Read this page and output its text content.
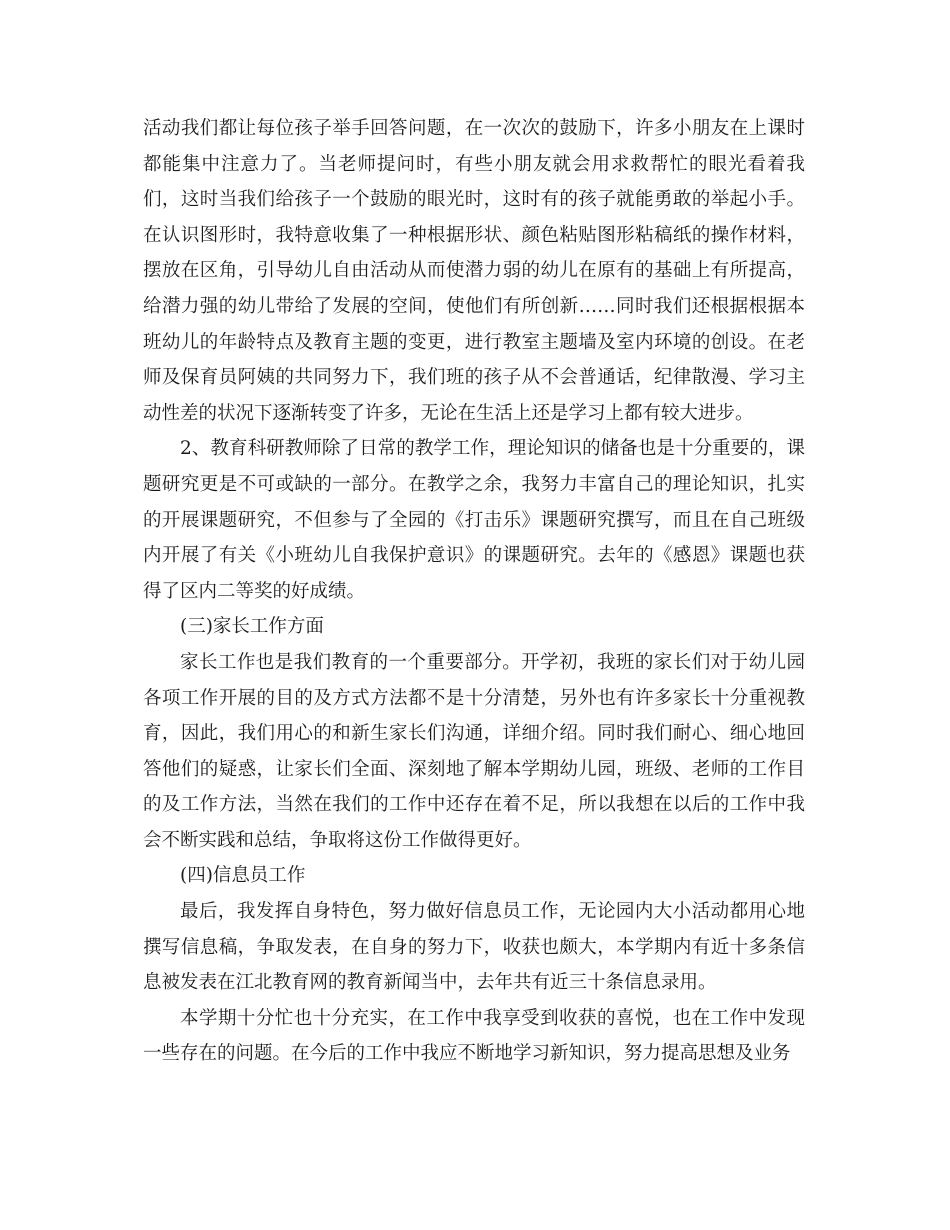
活动我们都让每位孩子举手回答问题，在一次次的鼓励下，许多小朋友在上课时都能集中注意力了。当老师提问时，有些小朋友就会用求救帮忙的眼光看着我们，这时当我们给孩子一个鼓励的眼光时，这时有的孩子就能勇敢的举起小手。在认识图形时，我特意收集了一种根据形状、颜色粘贴图形粘稿纸的操作材料，摆放在区角，引导幼儿自由活动从而使潜力弱的幼儿在原有的基础上有所提高，给潜力强的幼儿带给了发展的空间，使他们有所创新……同时我们还根据根据本班幼儿的年龄特点及教育主题的变更，进行教室主题墙及室内环境的创设。在老师及保育员阿姨的共同努力下，我们班的孩子从不会普通话，纪律散漫、学习主动性差的状况下逐渐转变了许多，无论在生活上还是学习上都有较大进步。

2、教育科研教师除了日常的教学工作，理论知识的储备也是十分重要的，课题研究更是不可或缺的一部分。在教学之余，我努力丰富自己的理论知识，扎实的开展课题研究，不但参与了全园的《打击乐》课题研究撰写，而且在自己班级内开展了有关《小班幼儿自我保护意识》的课题研究。去年的《感恩》课题也获得了区内二等奖的好成绩。

(三)家长工作方面

家长工作也是我们教育的一个重要部分。开学初，我班的家长们对于幼儿园各项工作开展的目的及方式方法都不是十分清楚，另外也有许多家长十分重视教育，因此，我们用心的和新生家长们沟通，详细介绍。同时我们耐心、细心地回答他们的疑惑，让家长们全面、深刻地了解本学期幼儿园，班级、老师的工作目的及工作方法，当然在我们的工作中还存在着不足，所以我想在以后的工作中我会不断实践和总结，争取将这份工作做得更好。

(四)信息员工作

最后，我发挥自身特色，努力做好信息员工作，无论园内大小活动都用心地撰写信息稿，争取发表，在自身的努力下，收获也颇大，本学期内有近十多条信息被发表在江北教育网的教育新闻当中，去年共有近三十条信息录用。

本学期十分忙也十分充实，在工作中我享受到收获的喜悦，也在工作中发现一些存在的问题。在今后的工作中我应不断地学习新知识，努力提高思想及业务
